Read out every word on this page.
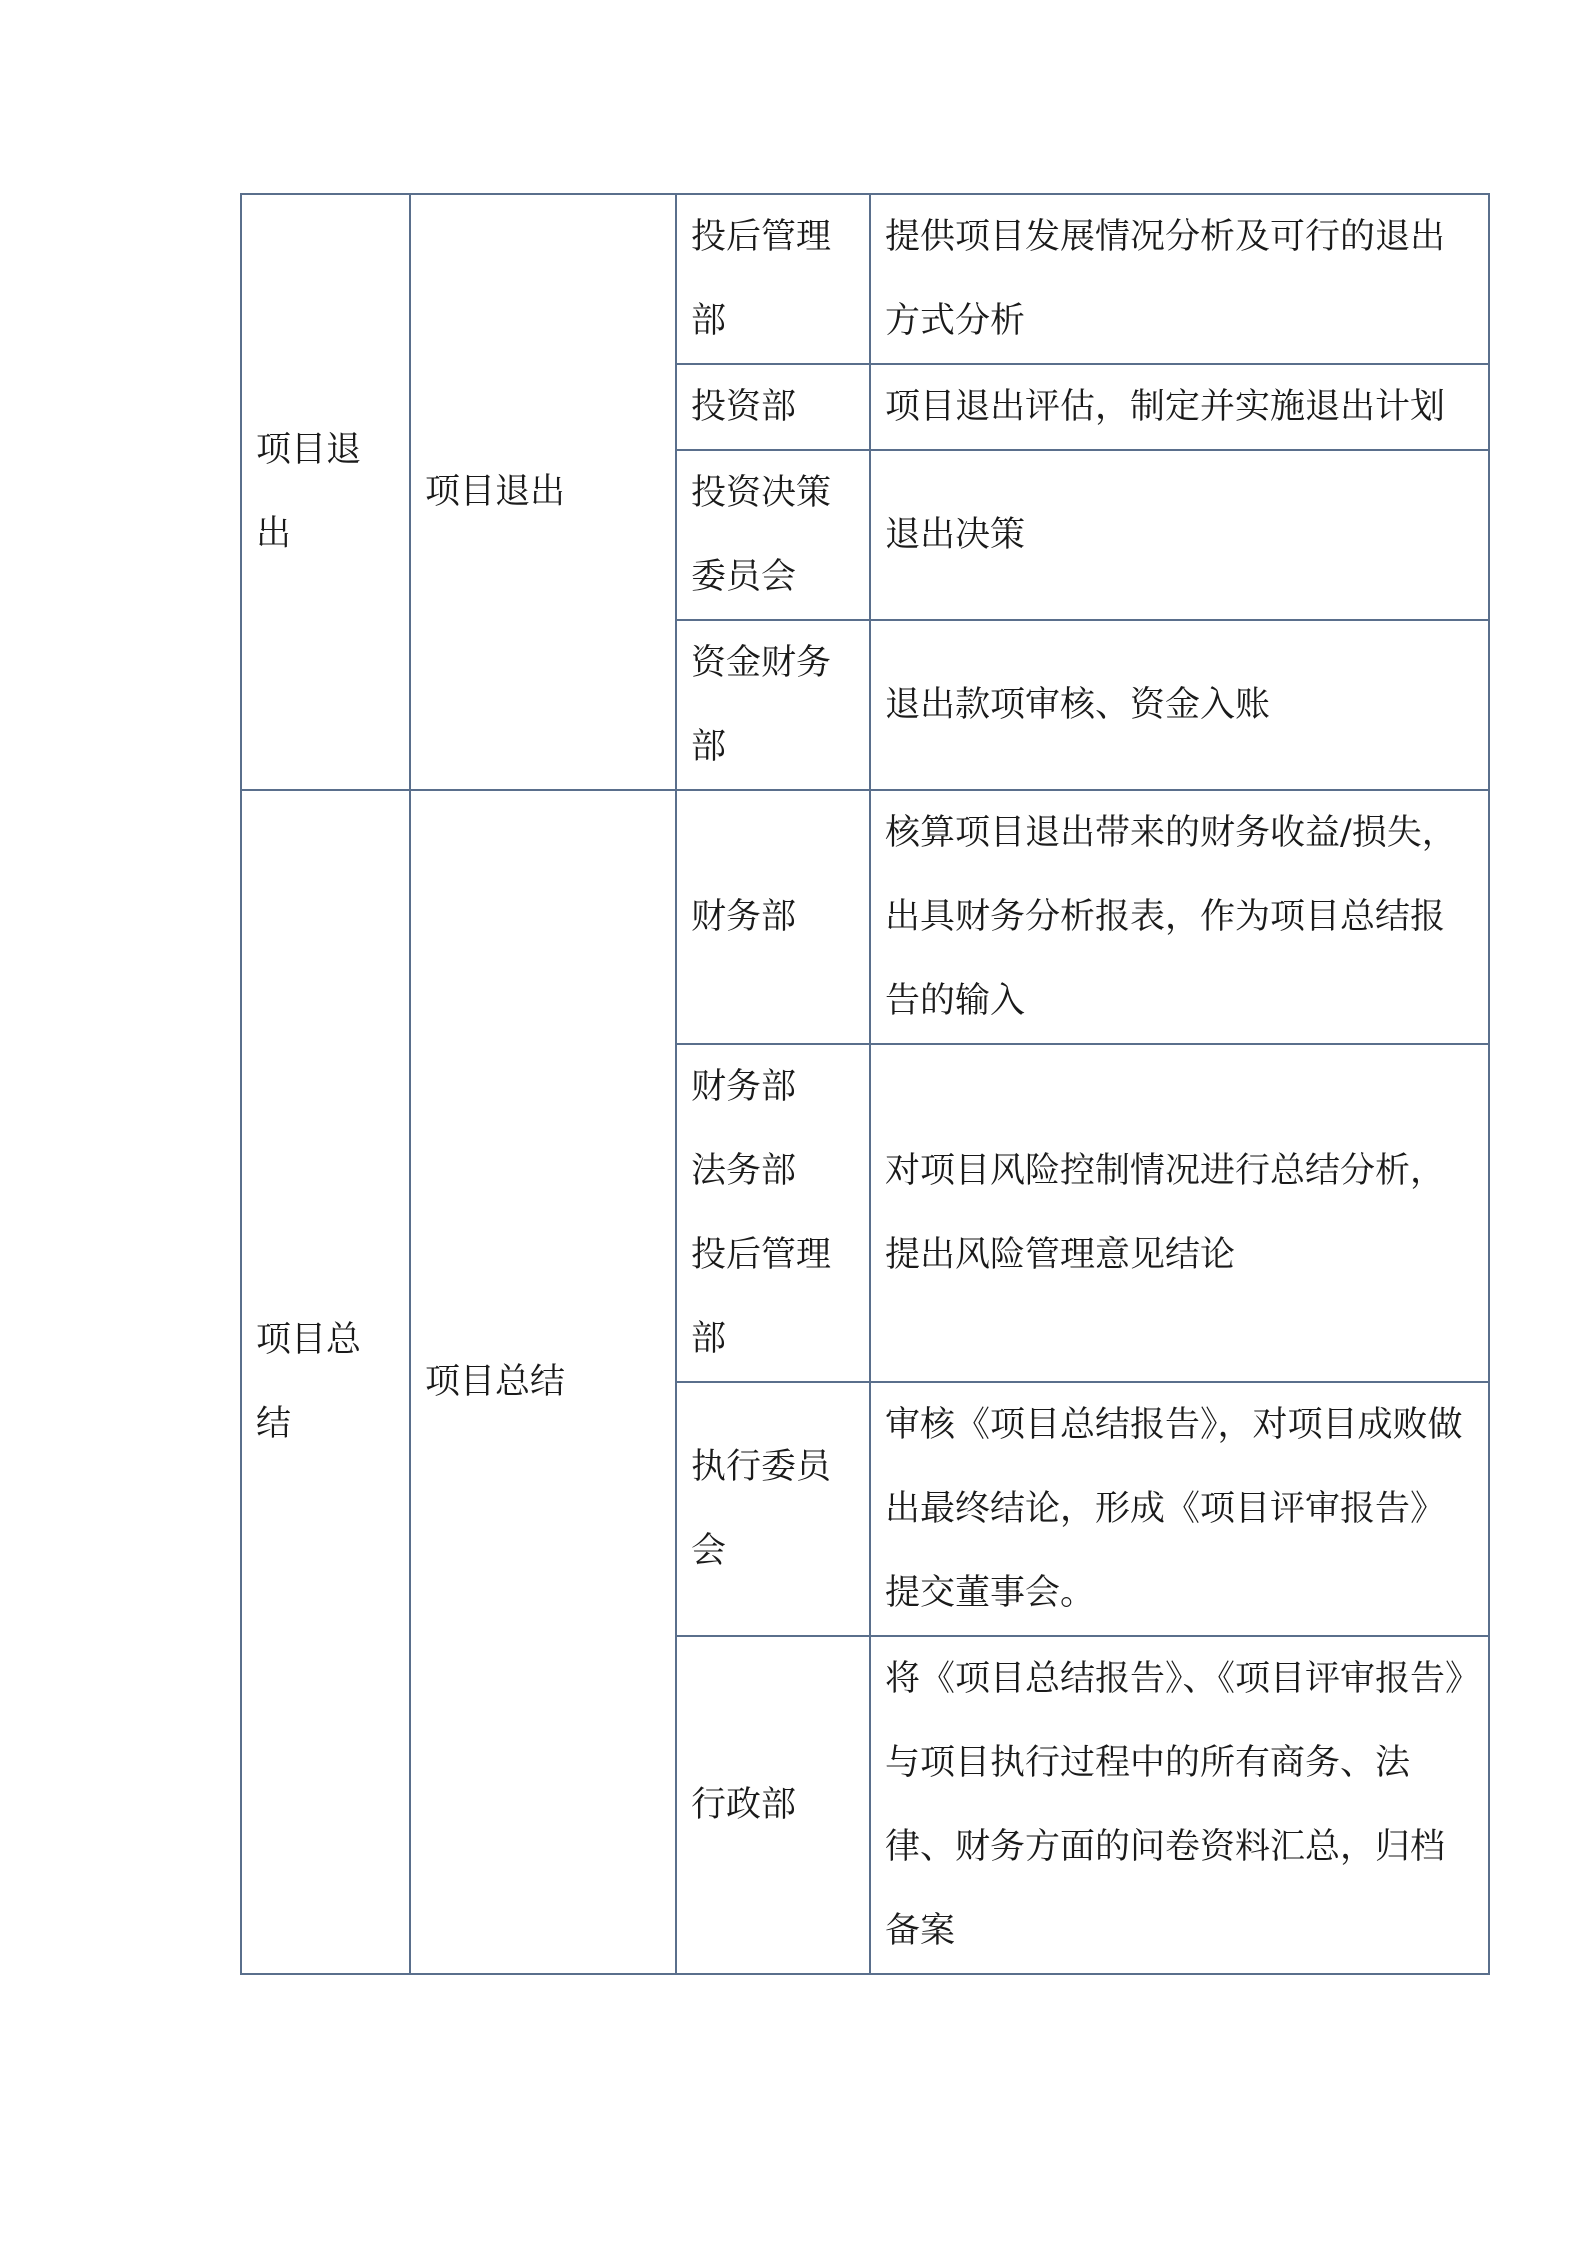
项目退出	项目退出	投后管理部	提供项目发展情况分析及可行的退出方式分析

		投资部	项目退出评估，制定并实施退出计划

		投资决策委员会	退出决策

		资金财务部	退出款项审核、资金入账

项目总结	项目总结	财务部	核算项目退出带来的财务收益/损失，出具财务分析报表，作为项目总结报告的输入

		财务部
法务部
投后管理部	对项目风险控制情况进行总结分析，提出风险管理意见结论

		执行委员会	审核《项目总结报告》，对项目成败做出最终结论，形成《项目评审报告》提交董事会。

		行政部	将《项目总结报告》、《项目评审报告》与项目执行过程中的所有商务、法律、财务方面的问卷资料汇总，归档备案
